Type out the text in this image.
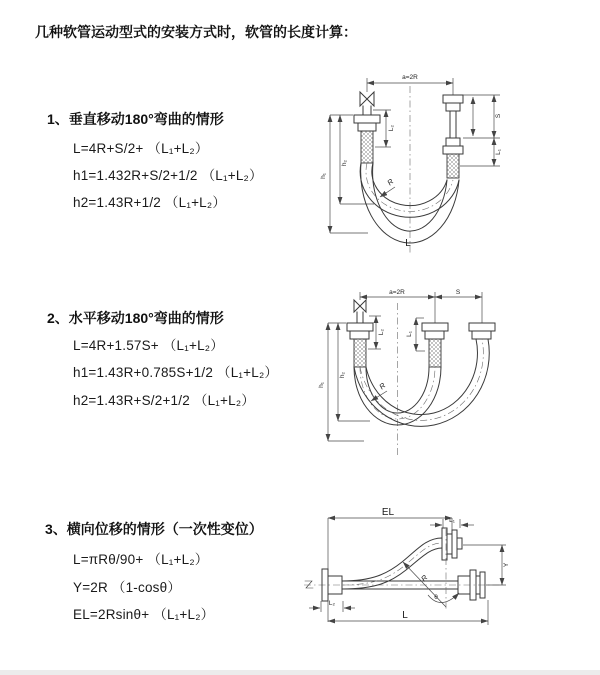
几种软管运动型式的安装方式时，软管的长度计算：
1、垂直移动180°弯曲的情形
L=4R+S/2+ （L₁+L₂）
h1=1.432R+S/2+1/2 （L₁+L₂）
h2=1.43R+1/2 （L₁+L₂）
2、水平移动180°弯曲的情形
L=4R+1.57S+ （L₁+L₂）
h1=1.43R+0.785S+1/2 （L₁+L₂）
h2=1.43R+S/2+1/2 （L₁+L₂）
3、横向位移的情形（一次性变位）
L=πRθ/90+ （L₁+L₂）
Y=2R （1-cosθ）
EL=2Rsinθ+ （L₁+L₂）
a=2R
L₂
S
L₁
h₁
h₂
R
L
a=2R	S
L₂	L₁
R
h₁
h₂
EL
L₁
L₂
R
θ
Y
L
